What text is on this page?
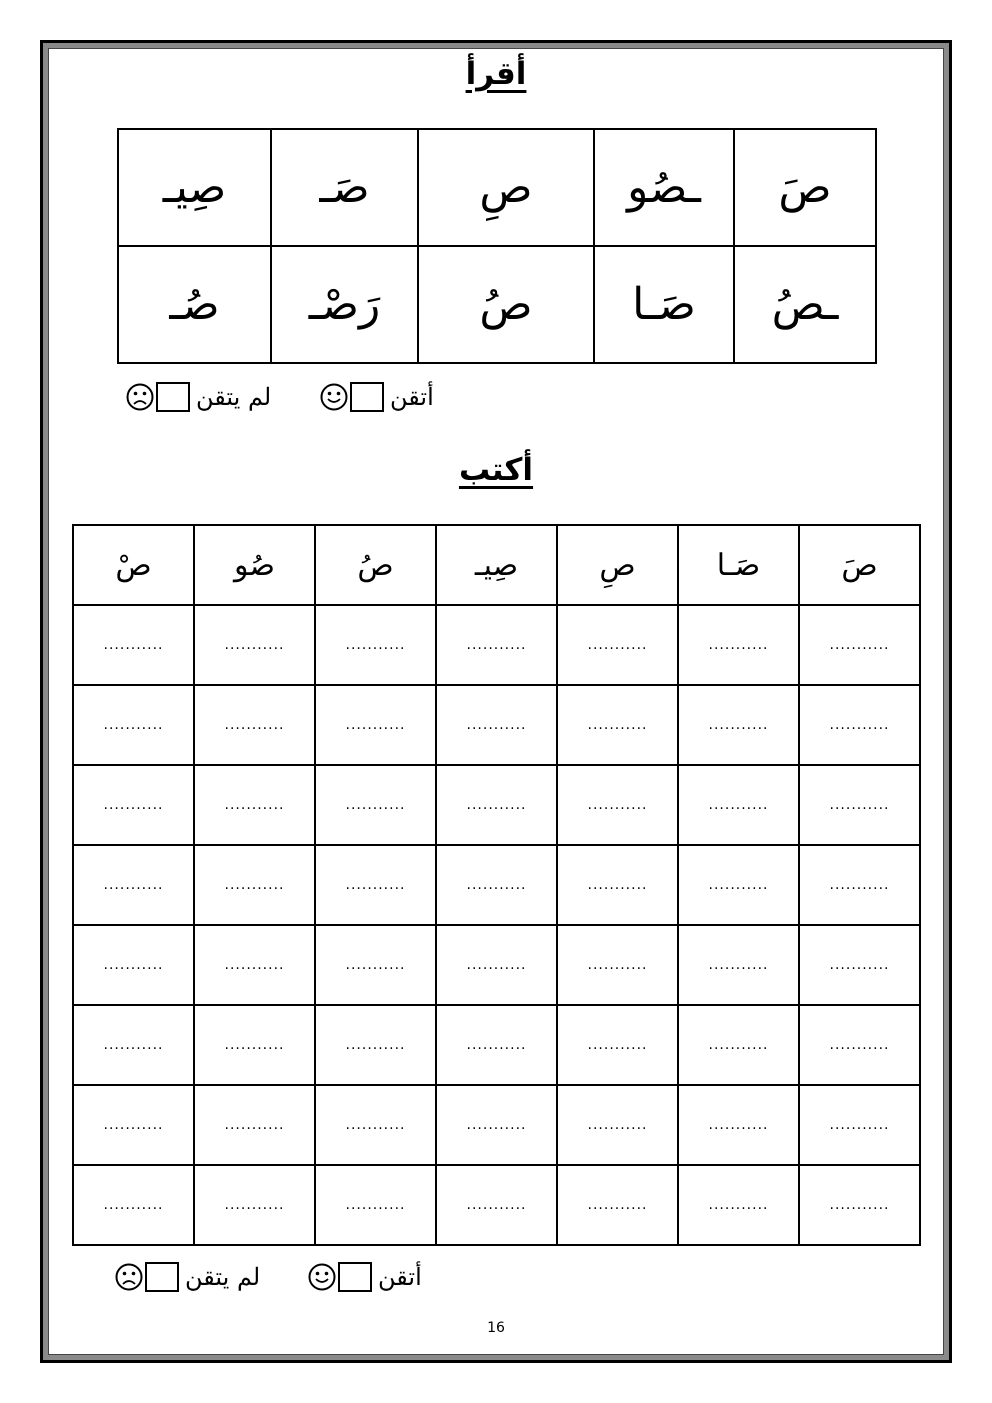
أقرأ
صَ	ـصُو	صِ	صَـ	صِيـ
ـصُ	صَـا	صُ	رَصْـ	صُـ
أتقن
لم يتقن
أكتب
صَ	صَـا	صِ	صِيـ	صُ	صُو	صْ
...........	...........	...........	...........	...........	...........	...........
...........	...........	...........	...........	...........	...........	...........
...........	...........	...........	...........	...........	...........	...........
...........	...........	...........	...........	...........	...........	...........
...........	...........	...........	...........	...........	...........	...........
...........	...........	...........	...........	...........	...........	...........
...........	...........	...........	...........	...........	...........	...........
...........	...........	...........	...........	...........	...........	...........
أتقن
لم يتقن
16
